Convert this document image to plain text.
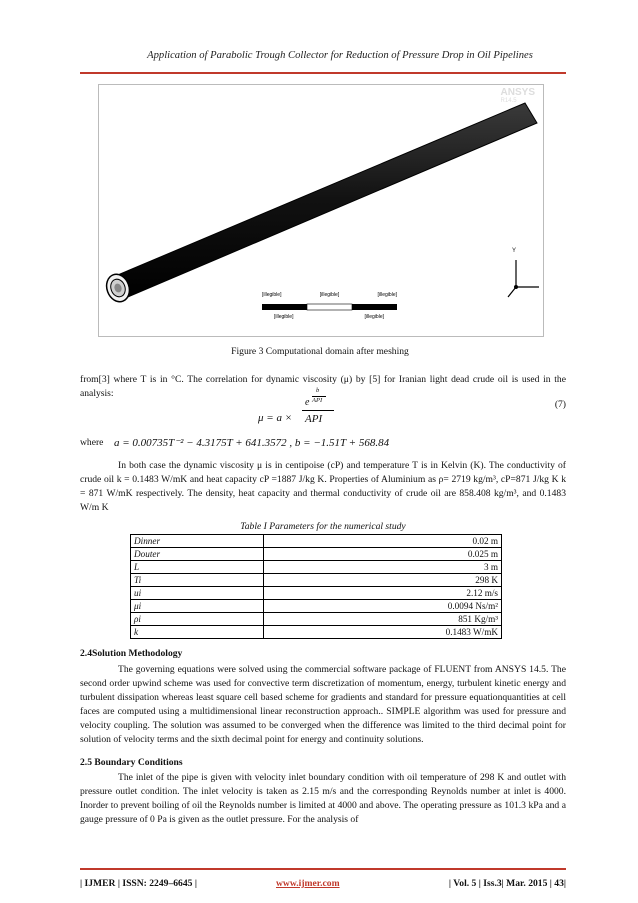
Application of Parabolic Trough Collector for Reduction of Pressure Drop in Oil Pipelines
ANSYS
R14.5
[illegible]	[illegible]	[illegible]
[illegible]	[illegible]
Y
Figure 3 Computational domain after meshing
from[3] where T is in °C. The correlation for dynamic viscosity (μ) by [5] for Iranian light dead crude oil is used in the analysis:
μ = a ×
e
b
API
API
(7)
where a = 0.00735T⁻² − 4.3175T + 641.3572 , b = −1.51T + 568.84
In both case the dynamic viscosity μ is in centipoise (cP) and temperature T is in Kelvin (K). The conductivity of crude oil k = 0.1483 W/mK and heat capacity cP =1887 J/kg K. Properties of Aluminium as ρ= 2719 kg/m³, cP=871 J/kg K k = 871 W/mK respectively. The density, heat capacity and thermal conductivity of crude oil are 858.408 kg/m³, and 0.1483 W/m K
Table I Parameters for the numerical study
Dinner	0.02 m
Douter	0.025 m
L	3 m
Ti	298 K
ui	2.12 m/s
μi	0.0094 Ns/m²
ρi	851 Kg/m³
k	0.1483 W/mK
2.4Solution Methodology
The governing equations were solved using the commercial software package of FLUENT from ANSYS 14.5. The second order upwind scheme was used for convective term discretization of momentum, energy, turbulent kinetic energy and turbulent dissipation whereas least square cell based scheme for gradients and standard for pressure equationquantities at cell faces are computed using a multidimensional linear reconstruction approach.. SIMPLE algorithm was used for pressure and velocity coupling. The solution was assumed to be converged when the difference was limited to the third decimal point for solution of velocity terms and the sixth decimal point for energy and continuity solutions.
2.5 Boundary Conditions
The inlet of the pipe is given with velocity inlet boundary condition with oil temperature of 298 K and outlet with pressure outlet condition. The inlet velocity is taken as 2.15 m/s and the corresponding Reynolds number at inlet is 4000. Inorder to prevent boiling of oil the Reynolds number is limited at 4000 and above. The operating pressure as 101.3 kPa and a gauge pressure of 0 Pa is given as the outlet pressure. For the analysis of
| IJMER | ISSN: 2249–6645 |	www.ijmer.com	| Vol. 5 | Iss.3| Mar. 2015 | 43|
